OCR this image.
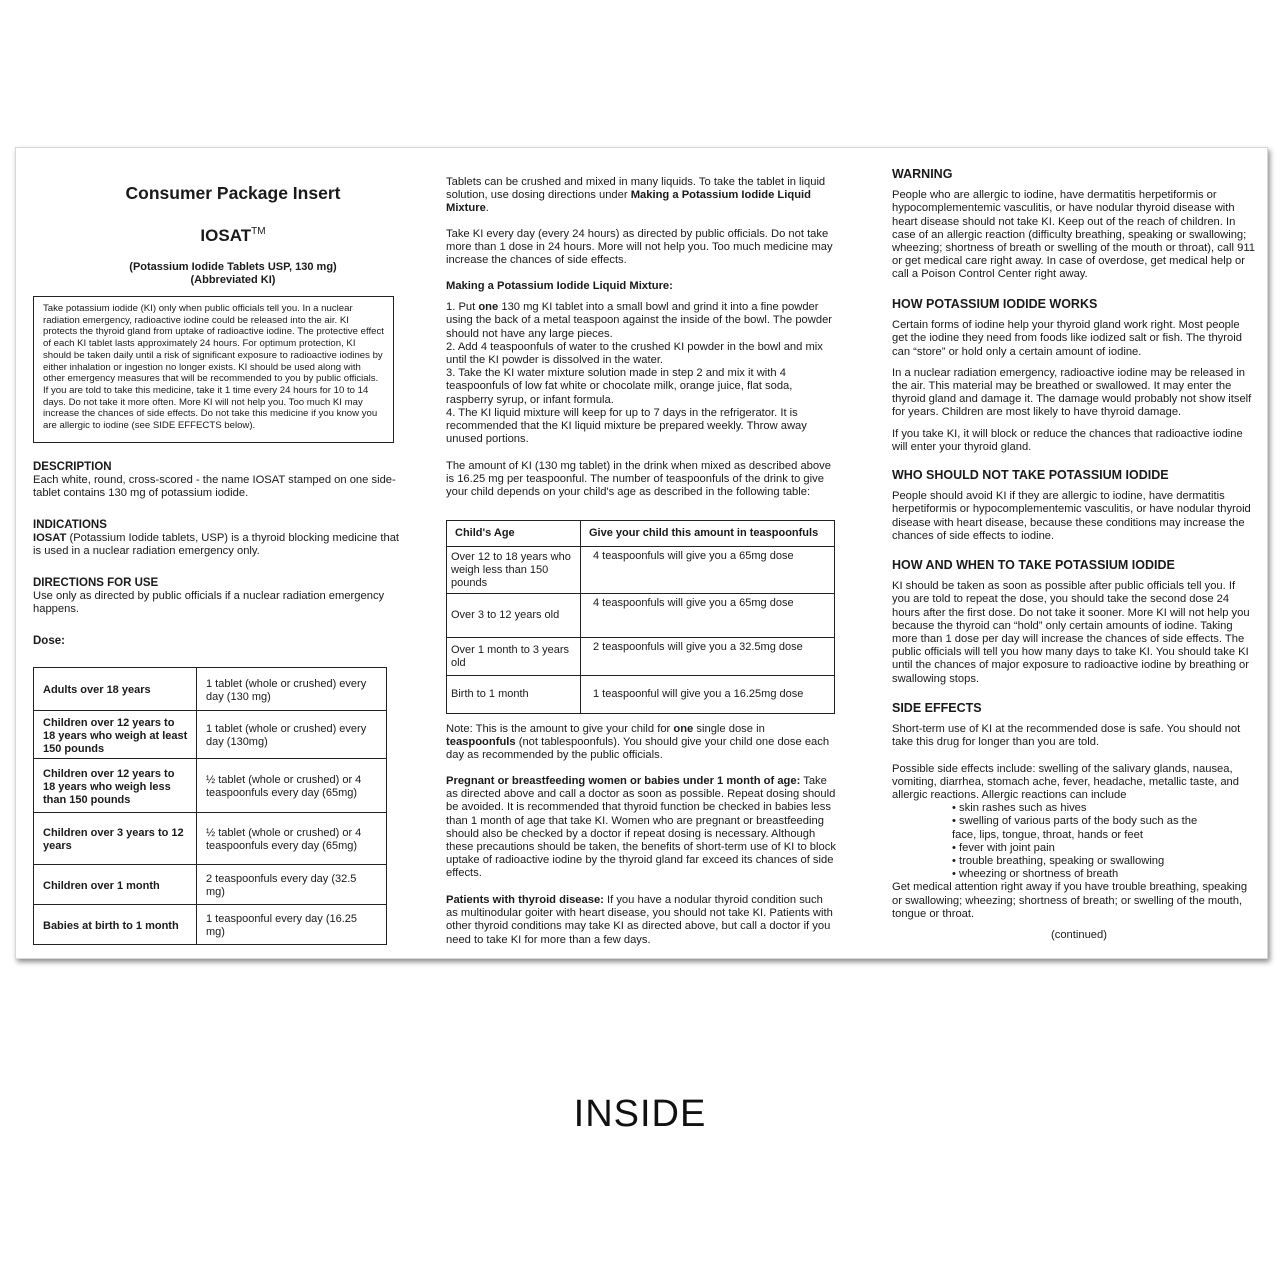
Consumer Package Insert
IOSAT™
(Potassium Iodide Tablets USP, 130 mg)
(Abbreviated KI)
Take potassium iodide (KI) only when public officials tell you. In a nuclear radiation emergency, radioactive iodine could be released into the air. KI protects the thyroid gland from uptake of radioactive iodine. The protective effect of each KI tablet lasts approximately 24 hours. For optimum protection, KI should be taken daily until a risk of significant exposure to radioactive iodines by either inhalation or ingestion no longer exists. KI should be used along with other emergency measures that will be recommended to you by public officials. If you are told to take this medicine, take it 1 time every 24 hours for 10 to 14 days. Do not take it more often. More KI will not help you. Too much KI may increase the chances of side effects. Do not take this medicine if you know you are allergic to iodine (see SIDE EFFECTS below).
DESCRIPTION

Each white, round, cross-scored - the name IOSAT stamped on one side-tablet contains 130 mg of potassium iodide.

INDICATIONS

IOSAT (Potassium Iodide tablets, USP) is a thyroid blocking medicine that is used in a nuclear radiation emergency only.

DIRECTIONS FOR USE

Use only as directed by public officials if a nuclear radiation emergency happens.

Dose:
Adults over 18 years	1 tablet (whole or crushed) every day (130 mg)
Children over 12 years to 18 years who weigh at least 150 pounds	1 tablet (whole or crushed) every day (130mg)
Children over 12 years to 18 years who weigh less than 150 pounds	½ tablet (whole or crushed) or 4 teaspoonfuls every day (65mg)
Children over 3 years to 12 years	½ tablet (whole or crushed) or 4 teaspoonfuls every day (65mg)
Children over 1 month	2 teaspoonfuls every day (32.5 mg)
Babies at birth to 1 month	1 teaspoonful every day (16.25 mg)
Tablets can be crushed and mixed in many liquids. To take the tablet in liquid solution, use dosing directions under Making a Potassium Iodide Liquid Mixture.
Take KI every day (every 24 hours) as directed by public officials. Do not take more than 1 dose in 24 hours. More will not help you. Too much medicine may increase the chances of side effects.
Making a Potassium Iodide Liquid Mixture:

1. Put one 130 mg KI tablet into a small bowl and grind it into a fine powder using the back of a metal teaspoon against the inside of the bowl. The powder should not have any large pieces.

2. Add 4 teaspoonfuls of water to the crushed KI powder in the bowl and mix until the KI powder is dissolved in the water.

3. Take the KI water mixture solution made in step 2 and mix it with 4 teaspoonfuls of low fat white or chocolate milk, orange juice, flat soda, raspberry syrup, or infant formula.

4. The KI liquid mixture will keep for up to 7 days in the refrigerator. It is recommended that the KI liquid mixture be prepared weekly. Throw away unused portions.

The amount of KI (130 mg tablet) in the drink when mixed as described above is 16.25 mg per teaspoonful. The number of teaspoonfuls of the drink to give your child depends on your child's age as described in the following table:
Child's Age	Give your child this amount in teaspoonfuls
Over 12 to 18 years who weigh less than 150 pounds	4 teaspoonfuls will give you a 65mg dose
Over 3 to 12 years old	4 teaspoonfuls will give you a 65mg dose
Over 1 month to 3 years old	2 teaspoonfuls will give you a 32.5mg dose
Birth to 1 month	1 teaspoonful will give you a 16.25mg dose
Note: This is the amount to give your child for one single dose in teaspoonfuls (not tablespoonfuls). You should give your child one dose each day as recommended by the public officials.
Pregnant or breastfeeding women or babies under 1 month of age: Take as directed above and call a doctor as soon as possible. Repeat dosing should be avoided. It is recommended that thyroid function be checked in babies less than 1 month of age that take KI. Women who are pregnant or breastfeeding should also be checked by a doctor if repeat dosing is necessary. Although these precautions should be taken, the benefits of short-term use of KI to block uptake of radioactive iodine by the thyroid gland far exceed its chances of side effects.
Patients with thyroid disease: If you have a nodular thyroid condition such as multinodular goiter with heart disease, you should not take KI. Patients with other thyroid conditions may take KI as directed above, but call a doctor if you need to take KI for more than a few days.
WARNING

People who are allergic to iodine, have dermatitis herpetiformis or hypocomplementemic vasculitis, or have nodular thyroid disease with heart disease should not take KI. Keep out of the reach of children. In case of an allergic reaction (difficulty breathing, speaking or swallowing; wheezing; shortness of breath or swelling of the mouth or throat), call 911 or get medical care right away. In case of overdose, get medical help or call a Poison Control Center right away.

HOW POTASSIUM IODIDE WORKS

Certain forms of iodine help your thyroid gland work right. Most people get the iodine they need from foods like iodized salt or fish. The thyroid can “store” or hold only a certain amount of iodine.

In a nuclear radiation emergency, radioactive iodine may be released in the air. This material may be breathed or swallowed. It may enter the thyroid gland and damage it. The damage would probably not show itself for years. Children are most likely to have thyroid damage.

If you take KI, it will block or reduce the chances that radioactive iodine will enter your thyroid gland.

WHO SHOULD NOT TAKE POTASSIUM IODIDE

People should avoid KI if they are allergic to iodine, have dermatitis herpetiformis or hypocomplementemic vasculitis, or have nodular thyroid disease with heart disease, because these conditions may increase the chances of side effects to iodine.

HOW AND WHEN TO TAKE POTASSIUM IODIDE

KI should be taken as soon as possible after public officials tell you. If you are told to repeat the dose, you should take the second dose 24 hours after the first dose. Do not take it sooner. More KI will not help you because the thyroid can “hold” only certain amounts of iodine. Taking more than 1 dose per day will increase the chances of side effects. The public officials will tell you how many days to take KI. You should take KI until the chances of major exposure to radioactive iodine by breathing or swallowing stops.

SIDE EFFECTS

Short-term use of KI at the recommended dose is safe. You should not take this drug for longer than you are told.

Possible side effects include: swelling of the salivary glands, nausea, vomiting, diarrhea, stomach ache, fever, headache, metallic taste, and allergic reactions. Allergic reactions can include

• skin rashes such as hives
• swelling of various parts of the body such as the face, lips, tongue, throat, hands or feet
• fever with joint pain
• trouble breathing, speaking or swallowing
• wheezing or shortness of breath

Get medical attention right away if you have trouble breathing, speaking or swallowing; wheezing; shortness of breath; or swelling of the mouth, tongue or throat.

(continued)
INSIDE
